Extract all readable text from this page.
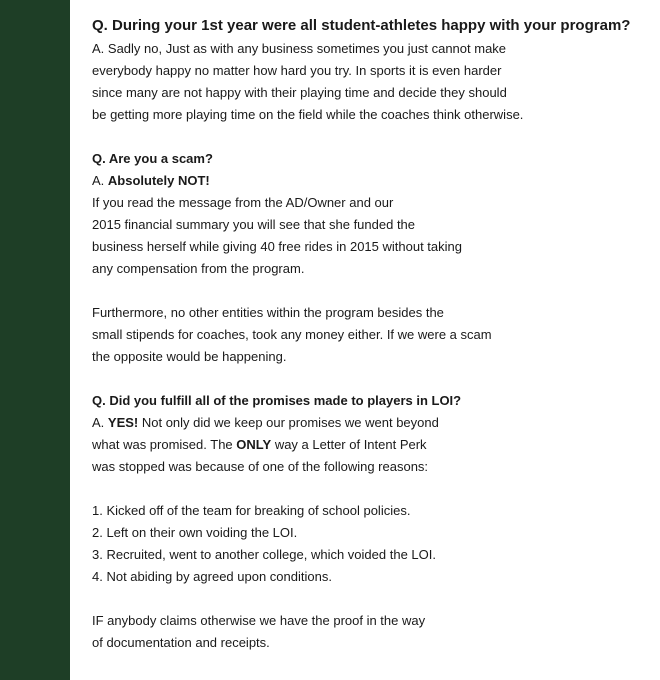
Q. During your 1st year were all student-athletes happy with your program?

A. Sadly no, Just as with any business sometimes you just cannot make
everybody happy no matter how hard you try. In sports it is even harder
since many are not happy with their playing time and decide they should
be getting more playing time on the field while the coaches think otherwise.

Q. Are you a scam?

A. Absolutely NOT!
If you read the message from the AD/Owner and our
2015 financial summary you will see that she funded the
business herself while giving 40 free rides in 2015 without taking
any compensation from the program.
Furthermore, no other entities within the program besides the
small stipends for coaches, took any money either. If we were a scam
the opposite would be happening.

Q. Did you fulfill all of the promises made to players in LOI?

A. YES! Not only did we keep our promises we went beyond
what was promised. The ONLY way a Letter of Intent Perk
was stopped was because of one of the following reasons:
1. Kicked off of the team for breaking of school policies.
2. Left on their own voiding the LOI.
3. Recruited, went to another college, which voided the LOI.
4. Not abiding by agreed upon conditions.
IF anybody claims otherwise we have the proof in the way
of documentation and receipts.
